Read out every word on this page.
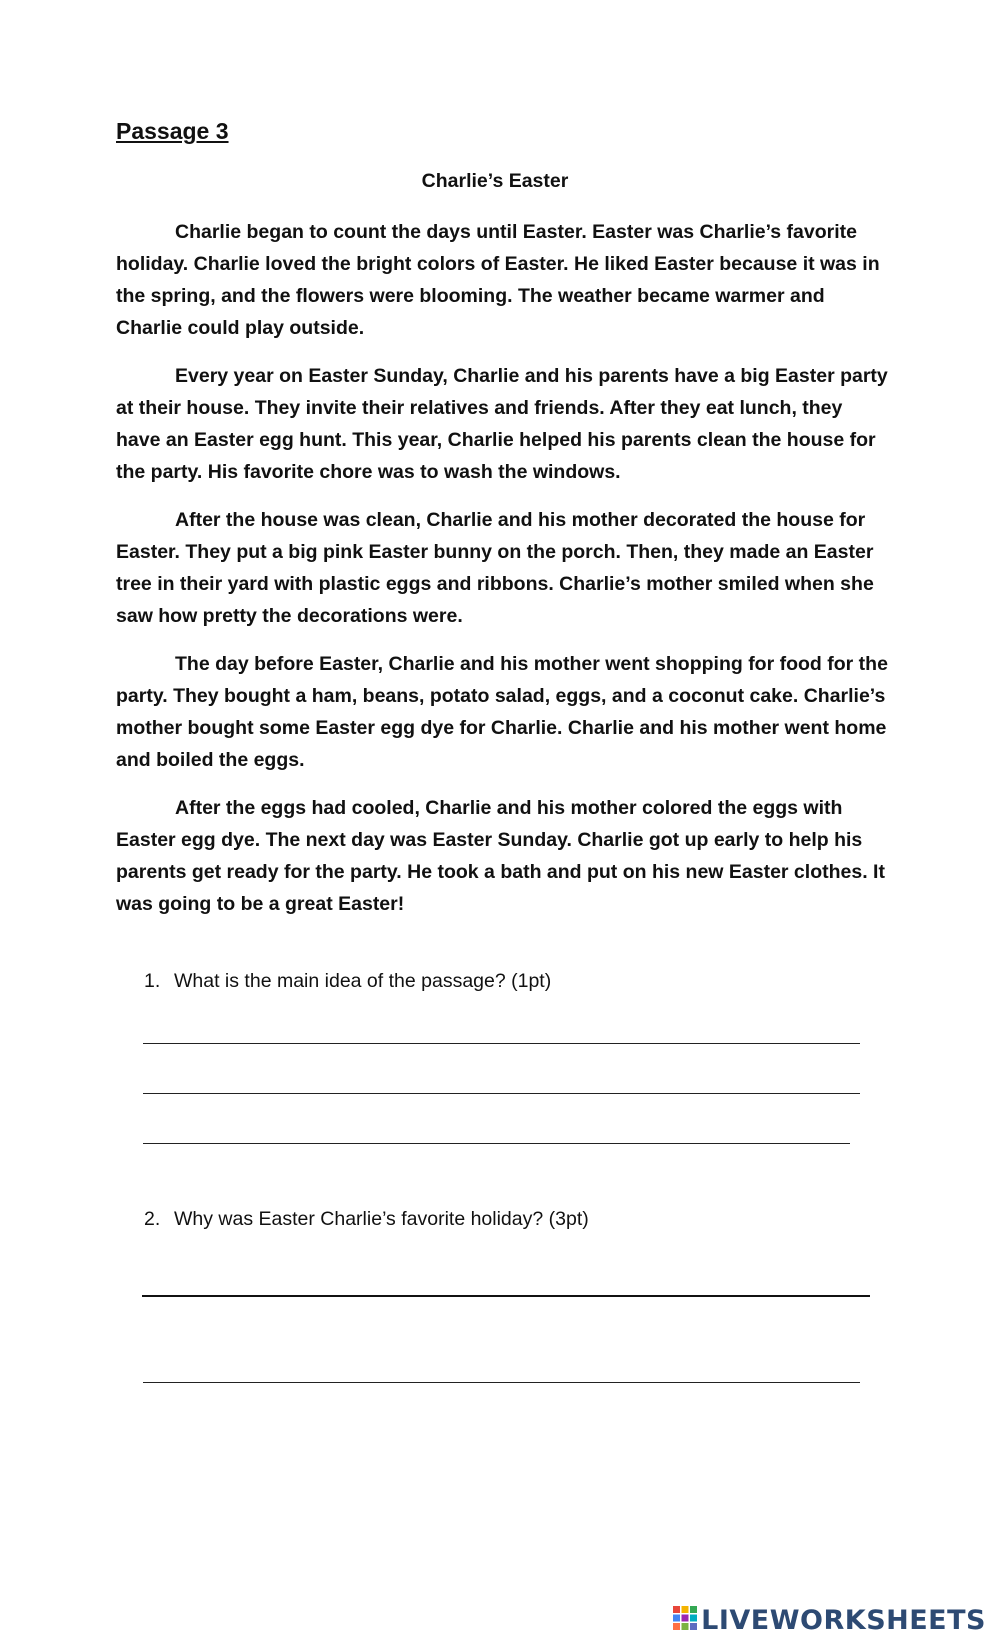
Passage 3
Charlie’s Easter

Charlie began to count the days until Easter. Easter was Charlie’s favorite holiday. Charlie loved the bright colors of Easter. He liked Easter because it was in the spring, and the flowers were blooming. The weather became warmer and Charlie could play outside.

Every year on Easter Sunday, Charlie and his parents have a big Easter party at their house. They invite their relatives and friends. After they eat lunch, they have an Easter egg hunt. This year, Charlie helped his parents clean the house for the party. His favorite chore was to wash the windows.

After the house was clean, Charlie and his mother decorated the house for Easter. They put a big pink Easter bunny on the porch. Then, they made an Easter tree in their yard with plastic eggs and ribbons. Charlie’s mother smiled when she saw how pretty the decorations were.

The day before Easter, Charlie and his mother went shopping for food for the party. They bought a ham, beans, potato salad, eggs, and a coconut cake. Charlie’s mother bought some Easter egg dye for Charlie. Charlie and his mother went home and boiled the eggs.

After the eggs had cooled, Charlie and his mother colored the eggs with Easter egg dye. The next day was Easter Sunday. Charlie got up early to help his parents get ready for the party. He took a bath and put on his new Easter clothes. It was going to be a great Easter!

1. What is the main idea of the passage? (1pt)
2. Why was Easter Charlie’s favorite holiday? (3pt)
LIVEWORKSHEETS
